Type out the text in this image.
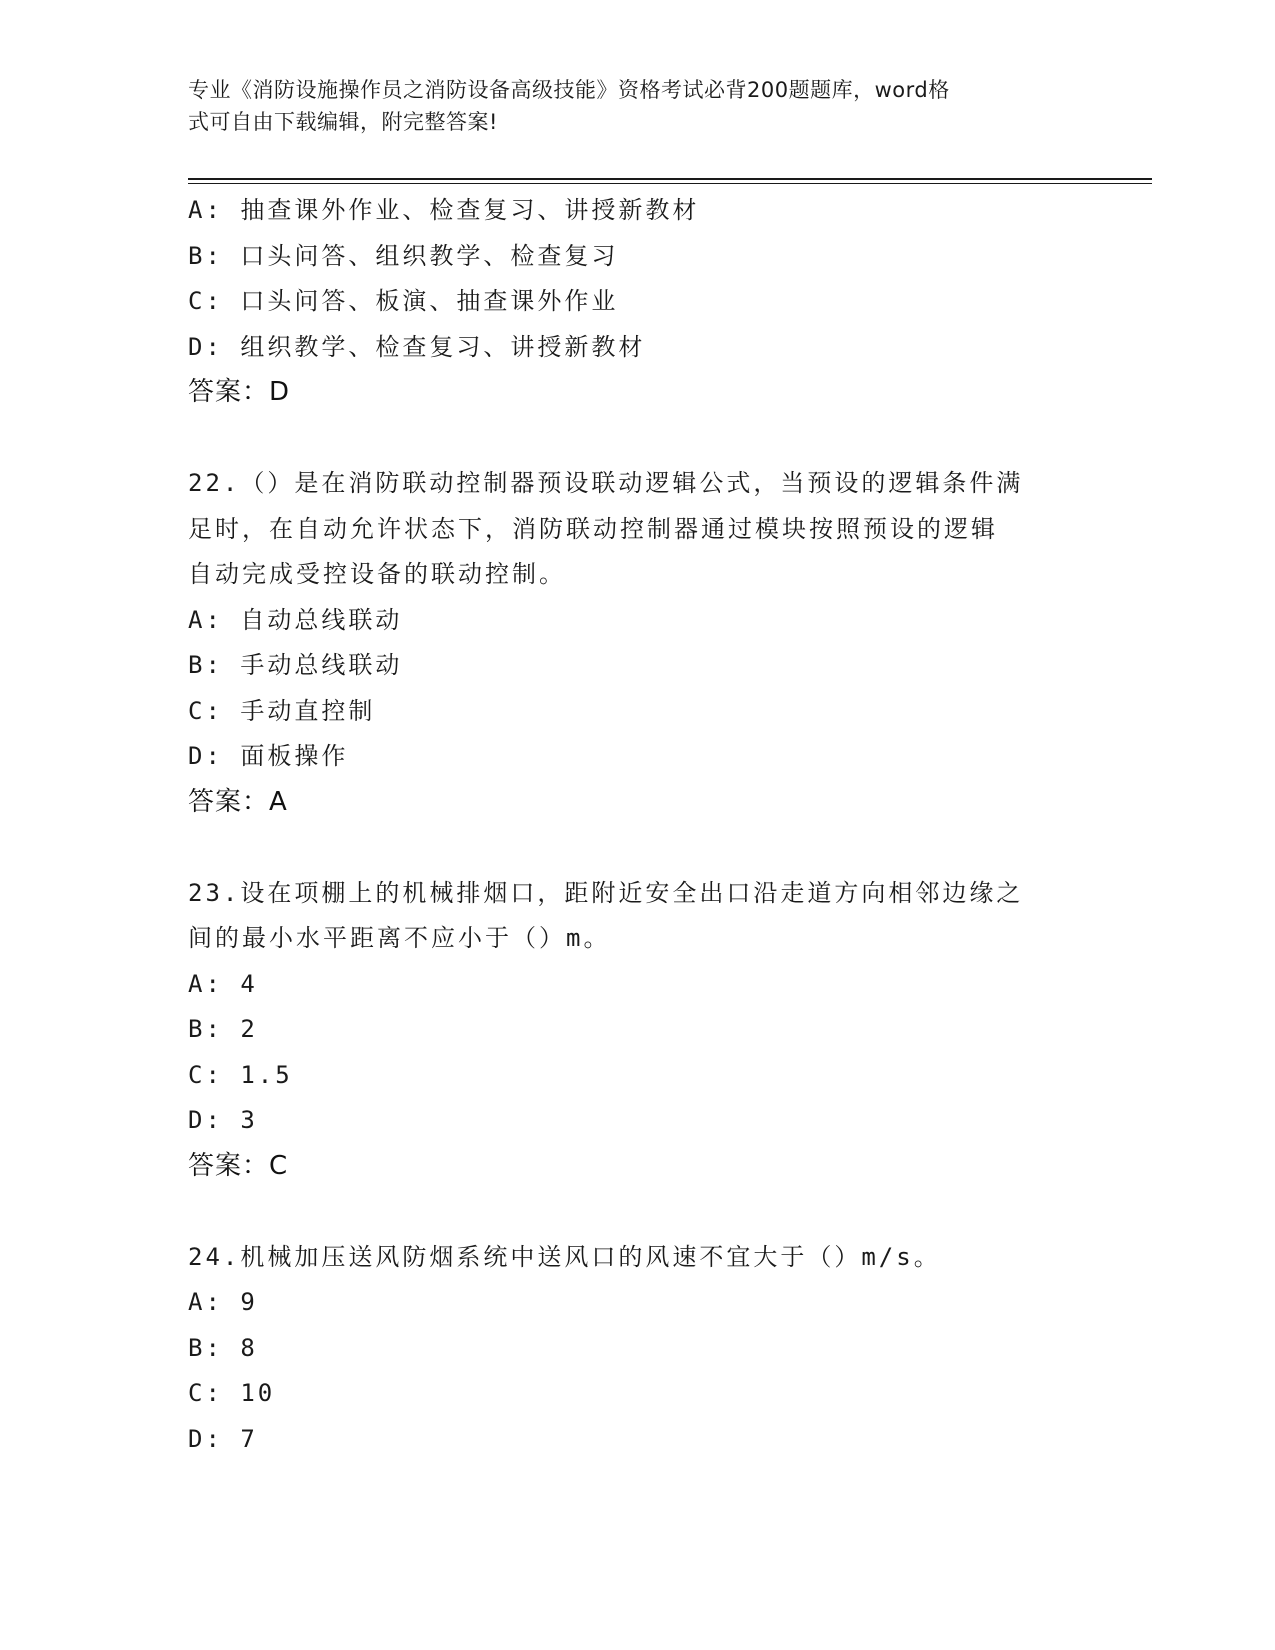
专业《消防设施操作员之消防设备高级技能》资格考试必背200题题库，word格
式可自由下载编辑，附完整答案!
A: 抽查课外作业、检查复习、讲授新教材
B: 口头问答、组织教学、检查复习
C: 口头问答、板演、抽查课外作业
D: 组织教学、检查复习、讲授新教材
答案：D
22.（）是在消防联动控制器预设联动逻辑公式，当预设的逻辑条件满
足时，在自动允许状态下，消防联动控制器通过模块按照预设的逻辑
自动完成受控设备的联动控制。
A: 自动总线联动
B: 手动总线联动
C: 手动直控制
D: 面板操作
答案：A
23.设在项棚上的机械排烟口，距附近安全出口沿走道方向相邻边缘之
间的最小水平距离不应小于（）m。
A: 4
B: 2
C: 1.5
D: 3
答案：C
24.机械加压送风防烟系统中送风口的风速不宜大于（）m/s。
A: 9
B: 8
C: 10
D: 7
